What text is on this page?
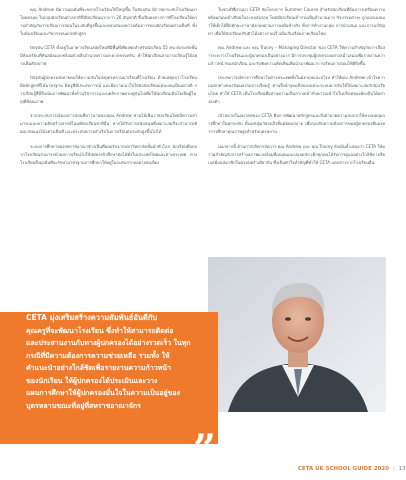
คุณ Andrew มีความมุ่งมั่นที่จะขยายโรงเรียนให้ใหญ่ขึ้น ในปัจจุบัน มีการยกระดับโรงเรียนมาโดยตลอด ในกลุ่มนักเรียนต่างชาติก็มีนักเรียนมากกว่า 20 สัญชาติ ซึ่งเป็นผลจากการที่โรงเรียนให้ความสำคัญกับการเรียนการสอนในระดับที่สูงขึ้นและตอบสนองความต้องการของนักเรียนอย่างเต็มที่ ทั้งในห้องเรียนและกิจกรรมนอกหลักสูตร

ปัจจุบัน CETA ตั้งอยู่ในอาคารเรียนสมัยใหม่ที่มีพื้นที่เพียงพอสำหรับนักเรียน 55 คน ต่อระดับชั้น มีห้องเรียนที่ทันสมัยและพร้อมด้วยสิ่งอำนวยความสะดวกครบครัน ทำให้นักเรียนสามารถเรียนรู้ได้อย่างเต็มศักยภาพ

ปัจจุบันผู้ปกครองหลายคนให้ความสนใจส่งบุตรหลานมาเรียนที่โรงเรียน ด้วยเหตุผลว่าโรงเรียนมีหลักสูตรที่ได้มาตรฐาน มีครูที่มีประสบการณ์ และมีความเอาใจใส่ต่อนักเรียนแต่ละคนเป็นอย่างดี การเรียนรู้ที่นี่จึงเน้นการพัฒนาทั้งด้านวิชาการและบุคลิกภาพควบคู่กันไปเพื่อให้นักเรียนเติบโตเป็นผู้ใหญ่ที่มีคุณภาพ

จากประสบการณ์ของการสอนที่ยาวนานของคุณ Andrew ท่านได้เห็นว่านักเรียนไทยมีความสามารถและความคิดสร้างสรรค์ไม่แพ้นักเรียนชาติอื่น หากได้รับการสนับสนุนที่เหมาะสมก็จะสามารถพัฒนาตนเองได้อย่างเต็มที่ และประสบความสำเร็จในการเรียนต่อระดับสูงขึ้นไปได้

ระบบการศึกษาของสหราชอาณาจักรเป็นที่ยอมรับจากมหาวิทยาลัยชั้นนำทั่วโลก นักเรียนที่จบจากโรงเรียนสามารถนำผลการเรียนไปใช้สมัครเข้าศึกษาต่อได้ทั้งในประเทศไทยและต่างประเทศ ทางโรงเรียนจึงมุ่งมั่นที่จะรักษามาตรฐานการศึกษาให้อยู่ในระดับสากลอย่างต่อเนื่อง

ในช่วงปีที่ผ่านมา CETA จัดโครงการ Summer Course สำหรับนักเรียนที่ต้องการเตรียมความพร้อมก่อนเข้าเรียนในระบบอังกฤษ โดยมีนักเรียนเข้าร่วมเป็นจำนวนมาก กิจกรรมต่างๆ ถูกออกแบบมาให้เด็กได้ฝึกทักษะภาษาอังกฤษผ่านการลงมือทำจริง ทั้งการทำงานกลุ่ม การนำเสนอ และการแก้ปัญหา เพื่อให้นักเรียนปรับตัวได้อย่างรวดเร็วเมื่อเริ่มเรียนภาคเรียนใหม่

คุณ Andrew และ คุณ Tracey – Managing Director ของ CETA ให้ความสำคัญกับการสื่อสารระหว่างโรงเรียนและผู้ปกครองเป็นอย่างมาก มีการประชุมผู้ปกครองอย่างสม่ำเสมอเพื่อรายงานความก้าวหน้าของนักเรียน และรับฟังความคิดเห็นเพื่อนำมาพัฒนาการเรียนการสอนให้ดียิ่งขึ้น

ประสบการณ์ทางการศึกษาในต่างประเทศทั้งในอังกฤษและยุโรป ทำให้คุณ Andrew เข้าใจความแตกต่างของวัฒนธรรมการเรียนรู้ ท่านจึงนำจุดแข็งของแต่ละระบบมาปรับใช้ให้เหมาะสมกับนักเรียนไทย ทำให้ CETA เป็นโรงเรียนที่ผสานความเป็นสากลเข้ากับความเข้าใจในบริบทของท้องถิ่นได้อย่างลงตัว

เป้าหมายในอนาคตของ CETA คือการพัฒนาหลักสูตรและสิ่งอำนวยความสะดวกให้ครอบคลุมการศึกษาในทุกระดับ ตั้งแต่ปฐมวัยจนถึงชั้นมัธยมปลาย เพื่อรองรับความต้องการของผู้ปกครองที่มองหาการศึกษาคุณภาพสูงสำหรับบุตรหลาน

นอกจากนี้ ด้านการบริหารจัดการ คุณ Andrew และ คุณ Tracey ยังเน้นย้ำเสมอว่า CETA ให้ความสำคัญกับการสร้างสภาพแวดล้อมที่อบอุ่นและปลอดภัย เด็กทุกคนได้รับการดูแลอย่างใกล้ชิด เปรียบเสมือนสมาชิกในครอบครัวเดียวกัน ซึ่งเป็นหัวใจสำคัญที่ทำให้ CETA แตกต่างจากโรงเรียนอื่น

“
CETA มุ่งเสริมสร้างความสัมพันธ์อันดีกับ
คุณครูที่จะพัฒนาโรงเรียน ซึ่งทำให้สามารถติดต่อ
และประสานงานกับทางผู้ปกครองได้อย่างรวดเร็ว ในทุก
กรณีที่มีความต้องการความช่วยเหลือ รวมทั้ง ให้
คำแนะนำอย่างใกล้ชิดเพื่อรายงานความก้าวหน้า
ของนักเรียน ให้ผู้ปกครองได้ประเมินและวาง
แผนการศึกษาให้ผู้ปกครองมั่นใจในความเป็นอยู่ของ
บุตรหลานขณะที่อยู่ที่สหราชอาณาจักร
”	CETA UK SCHOOL GUIDE 2020 | 13
